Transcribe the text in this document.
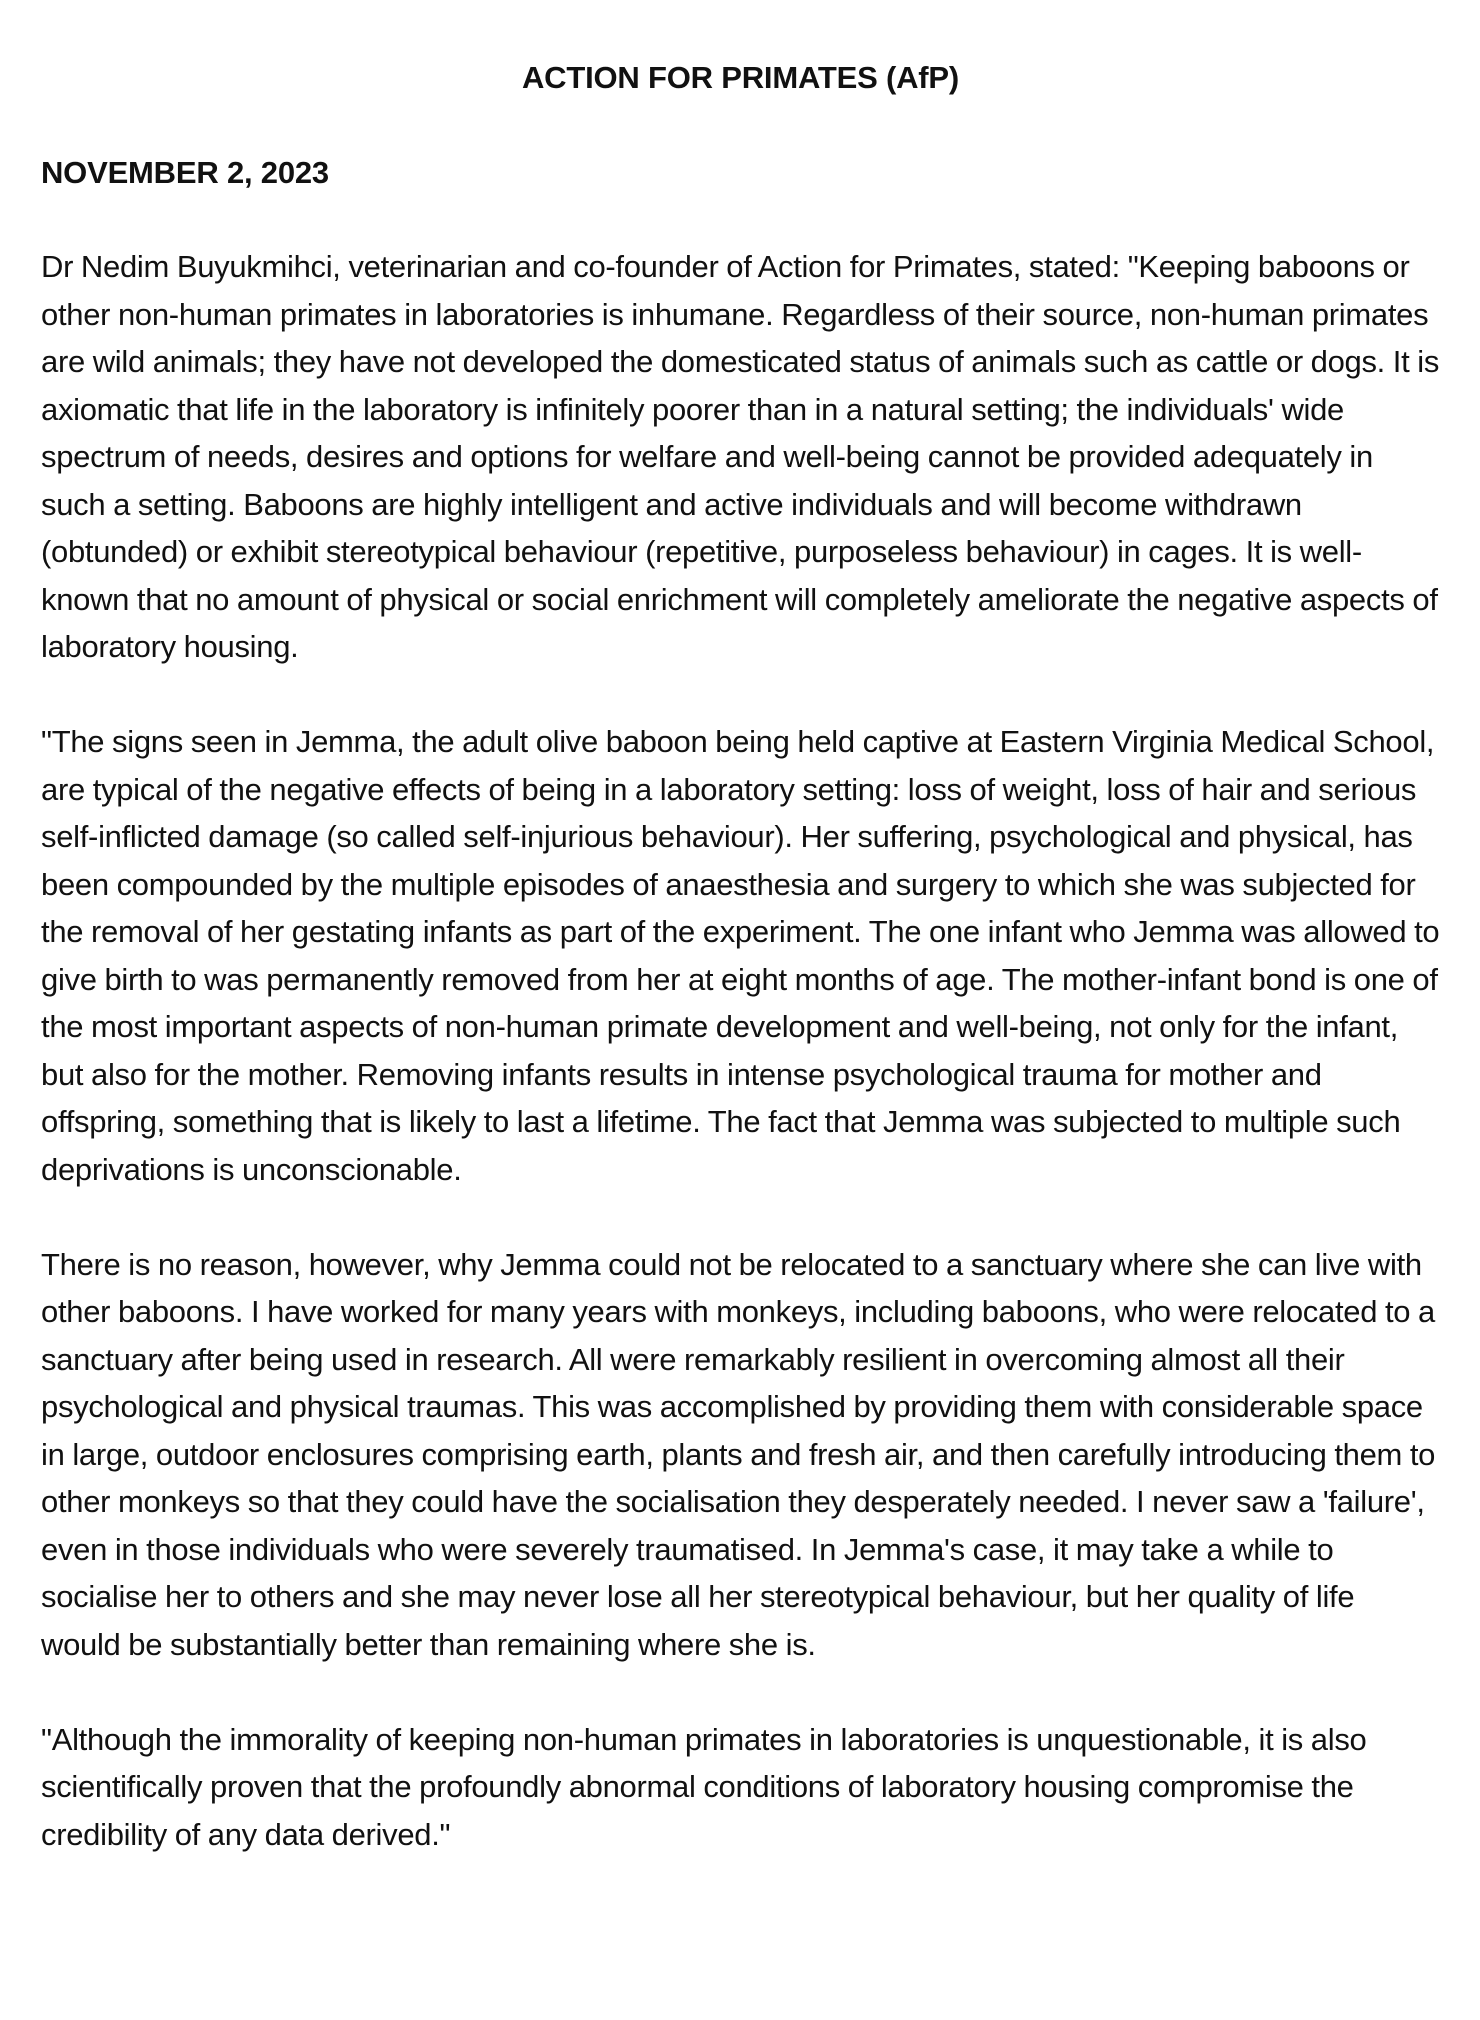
ACTION FOR PRIMATES (AfP)
NOVEMBER 2, 2023

Dr Nedim Buyukmihci, veterinarian and co-founder of Action for Primates, stated: "Keeping baboons or other non-human primates in laboratories is inhumane. Regardless of their source, non-human primates are wild animals; they have not developed the domesticated status of animals such as cattle or dogs. It is axiomatic that life in the laboratory is infinitely poorer than in a natural setting; the individuals' wide spectrum of needs, desires and options for welfare and well-being cannot be provided adequately in such a setting. Baboons are highly intelligent and active individuals and will become withdrawn (obtunded) or exhibit stereotypical behaviour (repetitive, purposeless behaviour) in cages. It is well-known that no amount of physical or social enrichment will completely ameliorate the negative aspects of laboratory housing.

"The signs seen in Jemma, the adult olive baboon being held captive at Eastern Virginia Medical School, are typical of the negative effects of being in a laboratory setting: loss of weight, loss of hair and serious self-inflicted damage (so called self-injurious behaviour). Her suffering, psychological and physical, has been compounded by the multiple episodes of anaesthesia and surgery to which she was subjected for the removal of her gestating infants as part of the experiment. The one infant who Jemma was allowed to give birth to was permanently removed from her at eight months of age. The mother-infant bond is one of the most important aspects of non-human primate development and well-being, not only for the infant, but also for the mother. Removing infants results in intense psychological trauma for mother and offspring, something that is likely to last a lifetime. The fact that Jemma was subjected to multiple such deprivations is unconscionable.

There is no reason, however, why Jemma could not be relocated to a sanctuary where she can live with other baboons. I have worked for many years with monkeys, including baboons, who were relocated to a sanctuary after being used in research. All were remarkably resilient in overcoming almost all their psychological and physical traumas. This was accomplished by providing them with considerable space in large, outdoor enclosures comprising earth, plants and fresh air, and then carefully introducing them to other monkeys so that they could have the socialisation they desperately needed. I never saw a 'failure', even in those individuals who were severely traumatised. In Jemma's case, it may take a while to socialise her to others and she may never lose all her stereotypical behaviour, but her quality of life would be substantially better than remaining where she is.

"Although the immorality of keeping non-human primates in laboratories is unquestionable, it is also scientifically proven that the profoundly abnormal conditions of laboratory housing compromise the credibility of any data derived."
